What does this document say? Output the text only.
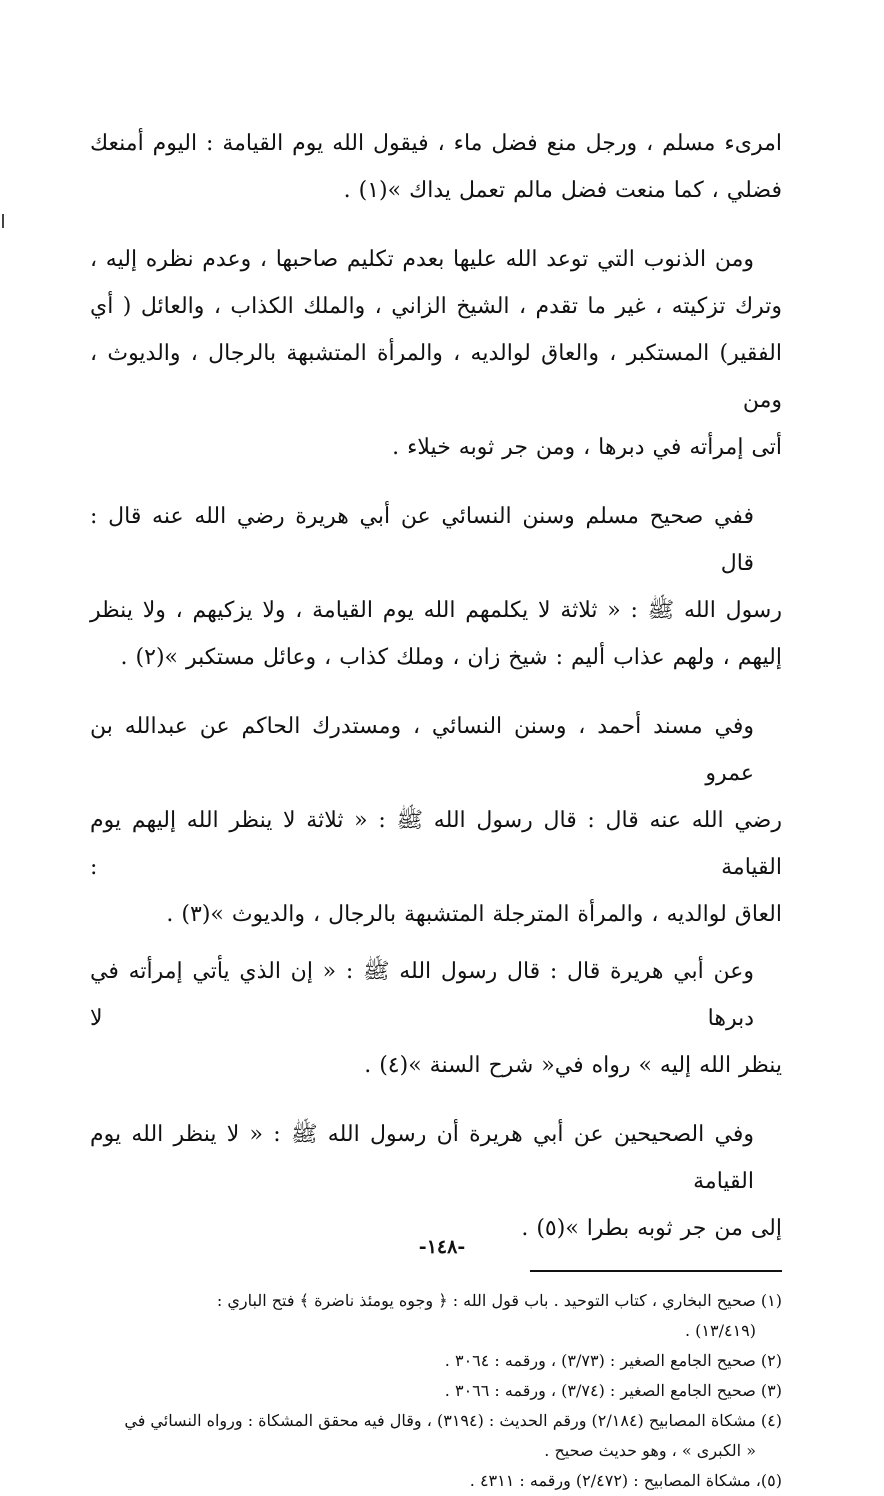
امرىء مسلم ، ورجل منع فضل ماء ، فيقول الله يوم القيامة : اليوم أمنعك
فضلي ، كما منعت فضل مالم تعمل يداك »(١) .

ومن الذنوب التي توعد الله عليها بعدم تكليم صاحبها ، وعدم نظره إليه ،
وترك تزكيته ، غير ما تقدم ، الشيخ الزاني ، والملك الكذاب ، والعائل ( أي
الفقير) المستكبر ، والعاق لوالديه ، والمرأة المتشبهة بالرجال ، والديوث ، ومن
أتى إمرأته في دبرها ، ومن جر ثوبه خيلاء .

ففي صحيح مسلم وسنن النسائي عن أبي هريرة رضي الله عنه قال : قال
رسول الله ﷺ : « ثلاثة لا يكلمهم الله يوم القيامة ، ولا يزكيهم ، ولا ينظر
إليهم ، ولهم عذاب أليم : شيخ زان ، وملك كذاب ، وعائل مستكبر »(٢) .

وفي مسند أحمد ، وسنن النسائي ، ومستدرك الحاكم عن عبدالله بن عمرو
رضي الله عنه قال : قال رسول الله ﷺ : « ثلاثة لا ينظر الله إليهم يوم القيامة :
العاق لوالديه ، والمرأة المترجلة المتشبهة بالرجال ، والديوث »(٣) .

وعن أبي هريرة قال : قال رسول الله ﷺ : « إن الذي يأتي إمرأته في دبرها لا
ينظر الله إليه » رواه في« شرح السنة »(٤) .

وفي الصحيحين عن أبي هريرة أن رسول الله ﷺ : « لا ينظر الله يوم القيامة
إلى من جر ثوبه بطرا »(٥) .

(١) صحيح البخاري ، كتاب التوحيد . باب قول الله : ﴿ وجوه يومئذ ناضرة ﴾ فتح الباري :
(١٣/٤١٩) .
(٢) صحيح الجامع الصغير : (٣/٧٣) ، ورقمه : ٣٠٦٤ .
(٣) صحيح الجامع الصغير : (٣/٧٤) ، ورقمه : ٣٠٦٦ .
(٤) مشكاة المصابيح (٢/١٨٤) ورقم الحديث : (٣١٩٤) ، وقال فيه محقق المشكاة : ورواه النسائي في
« الكبرى » ، وهو حديث صحيح .
(٥)، مشكاة المصابيح : (٢/٤٧٢) ورقمه : ٤٣١١ .
-١٤٨-
